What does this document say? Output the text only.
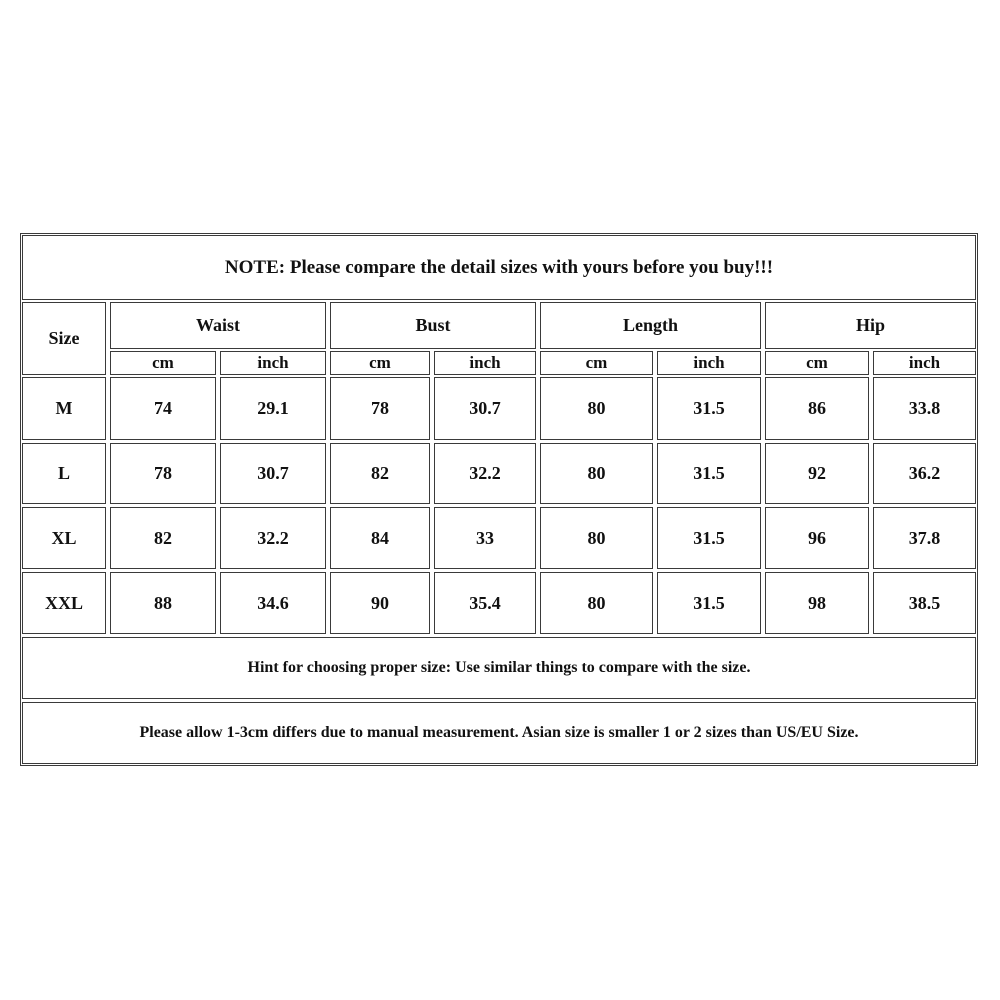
NOTE: Please compare the detail sizes with yours before you buy!!!
Size
Waist	Bust	Length	Hip
cm	inch	cm	inch	cm	inch	cm	inch
M	74	29.1	78	30.7	80	31.5	86	33.8
L	78	30.7	82	32.2	80	31.5	92	36.2
XL	82	32.2	84	33	80	31.5	96	37.8
XXL	88	34.6	90	35.4	80	31.5	98	38.5
Hint for choosing proper size: Use similar things to compare with the size.
Please allow 1-3cm differs due to manual measurement. Asian size is smaller 1 or 2 sizes than US/EU Size.
